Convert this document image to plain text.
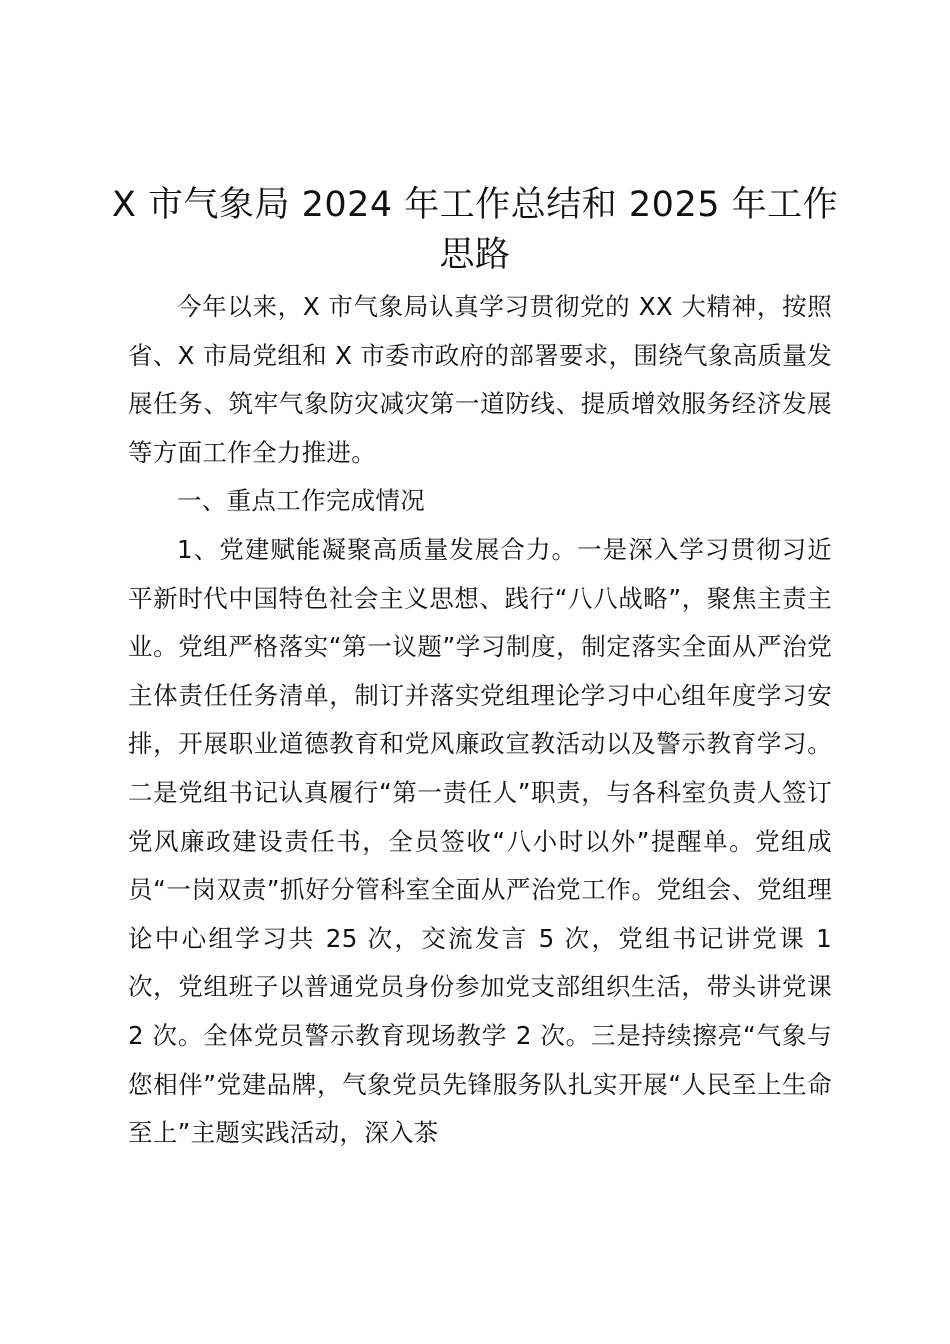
X 市气象局 2024 年工作总结和 2025 年工作思路

今年以来，X 市气象局认真学习贯彻党的 XX 大精神，按照省、X 市局党组和 X 市委市政府的部署要求，围绕气象高质量发展任务、筑牢气象防灾减灾第一道防线、提质增效服务经济发展等方面工作全力推进。

一、重点工作完成情况

1、党建赋能凝聚高质量发展合力。一是深入学习贯彻习近平新时代中国特色社会主义思想、践行“八八战略”，聚焦主责主业。党组严格落实“第一议题”学习制度，制定落实全面从严治党主体责任任务清单，制订并落实党组理论学习中心组年度学习安排，开展职业道德教育和党风廉政宣教活动以及警示教育学习。二是党组书记认真履行“第一责任人”职责，与各科室负责人签订党风廉政建设责任书，全员签收“八小时以外”提醒单。党组成员“一岗双责”抓好分管科室全面从严治党工作。党组会、党组理论中心组学习共 25 次，交流发言 5 次，党组书记讲党课 1 次，党组班子以普通党员身份参加党支部组织生活，带头讲党课 2 次。全体党员警示教育现场教学 2 次。三是持续擦亮“气象与您相伴”党建品牌，气象党员先锋服务队扎实开展“人民至上生命至上”主题实践活动，深入茶
